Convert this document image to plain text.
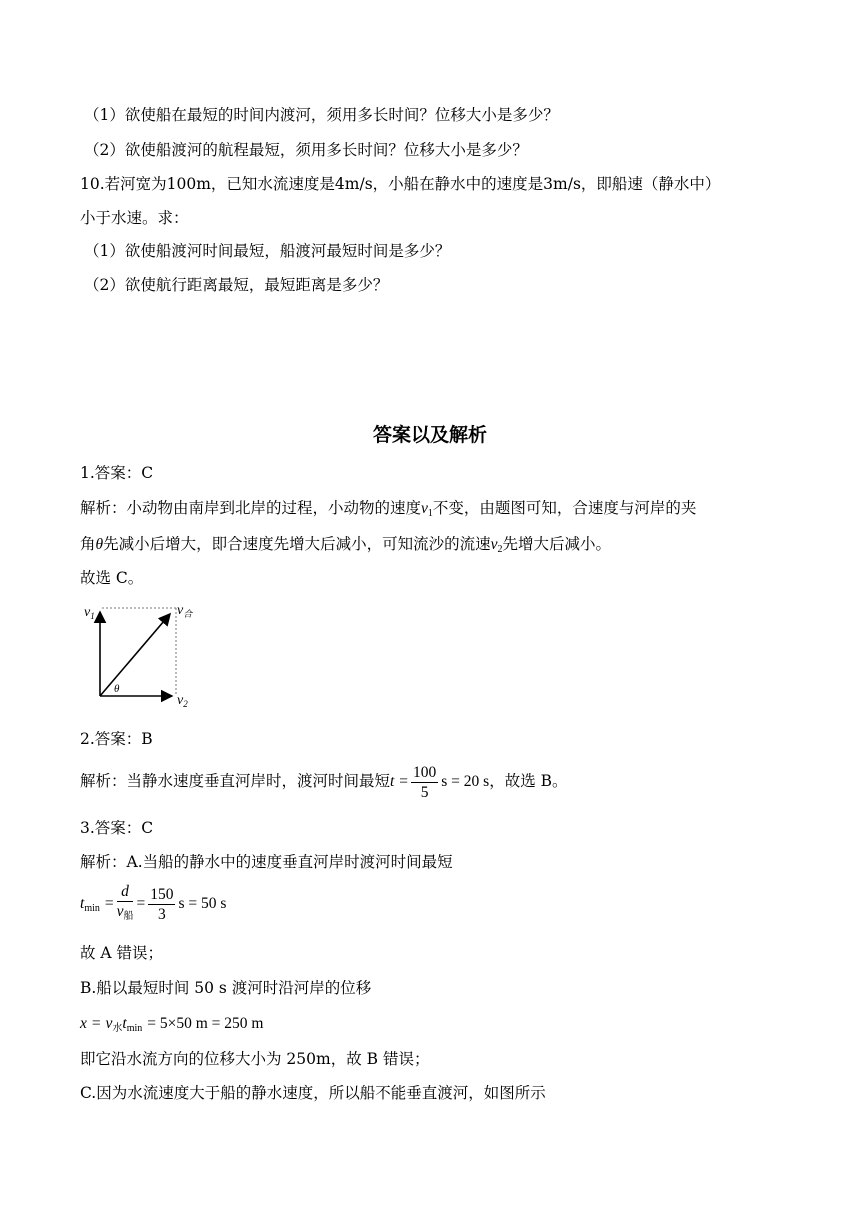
（1）欲使船在最短的时间内渡河，须用多长时间？位移大小是多少？
（2）欲使船渡河的航程最短，须用多长时间？位移大小是多少？
10.若河宽为100m，已知水流速度是4m/s，小船在静水中的速度是3m/s，即船速（静水中）
小于水速。求：
（1）欲使船渡河时间最短，船渡河最短时间是多少？
（2）欲使航行距离最短，最短距离是多少？
答案以及解析
1.答案：C
解析：小动物由南岸到北岸的过程，小动物的速度$v_1$不变，由题图可知，合速度与河岸的夹
角θ先减小后增大，即合速度先增大后减小，可知流沙的流速$v_2$先增大后减小。
故选 C。
$v_1$	$v_合$
$v_2$
θ
2.答案：B
解析：当静水速度垂直河岸时，渡河时间最短$t = \frac{100}{5}$ s = 20 s，故选 B。
3.答案：C
解析：A.当船的静水中的速度垂直河岸时渡河时间最短
$t_{min} = \frac{d}{v_船} = \frac{150}{3}$ s = 50 s
故 A 错误；
B.船以最短时间 50 s 渡河时沿河岸的位移
$x = v_水t_{min} = 5\times 50$ m = 250 m
即它沿水流方向的位移大小为 250m，故 B 错误；
C.因为水流速度大于船的静水速度，所以船不能垂直渡河，如图所示
